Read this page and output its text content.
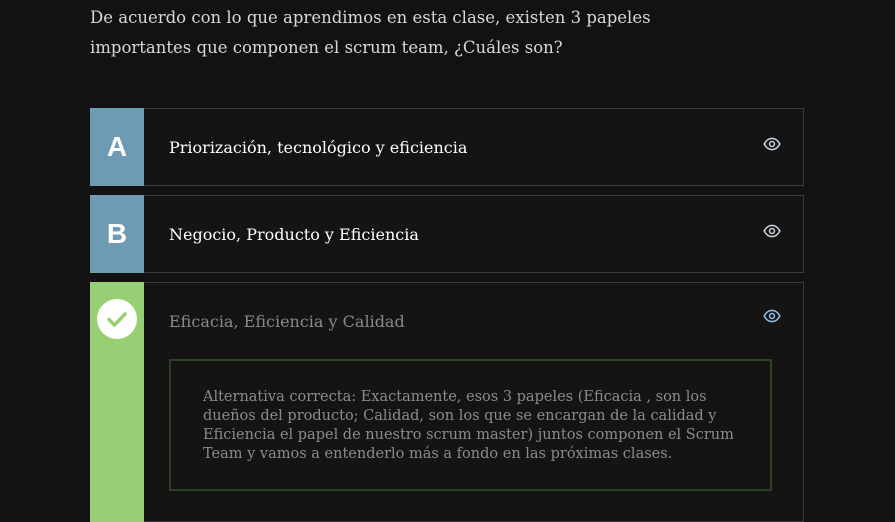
De acuerdo con lo que aprendimos en esta clase, existen 3 papeles importantes que componen el scrum team, ¿Cuáles son?
A	Priorización, tecnológico y eficiencia
B	Negocio, Producto y Eficiencia
Eficacia, Eficiencia y Calidad
Alternativa correcta: Exactamente, esos 3 papeles (Eficacia , son los dueños del producto; Calidad, son los que se encargan de la calidad y Eficiencia el papel de nuestro scrum master) juntos componen el Scrum Team y vamos a entenderlo más a fondo en las próximas clases.
